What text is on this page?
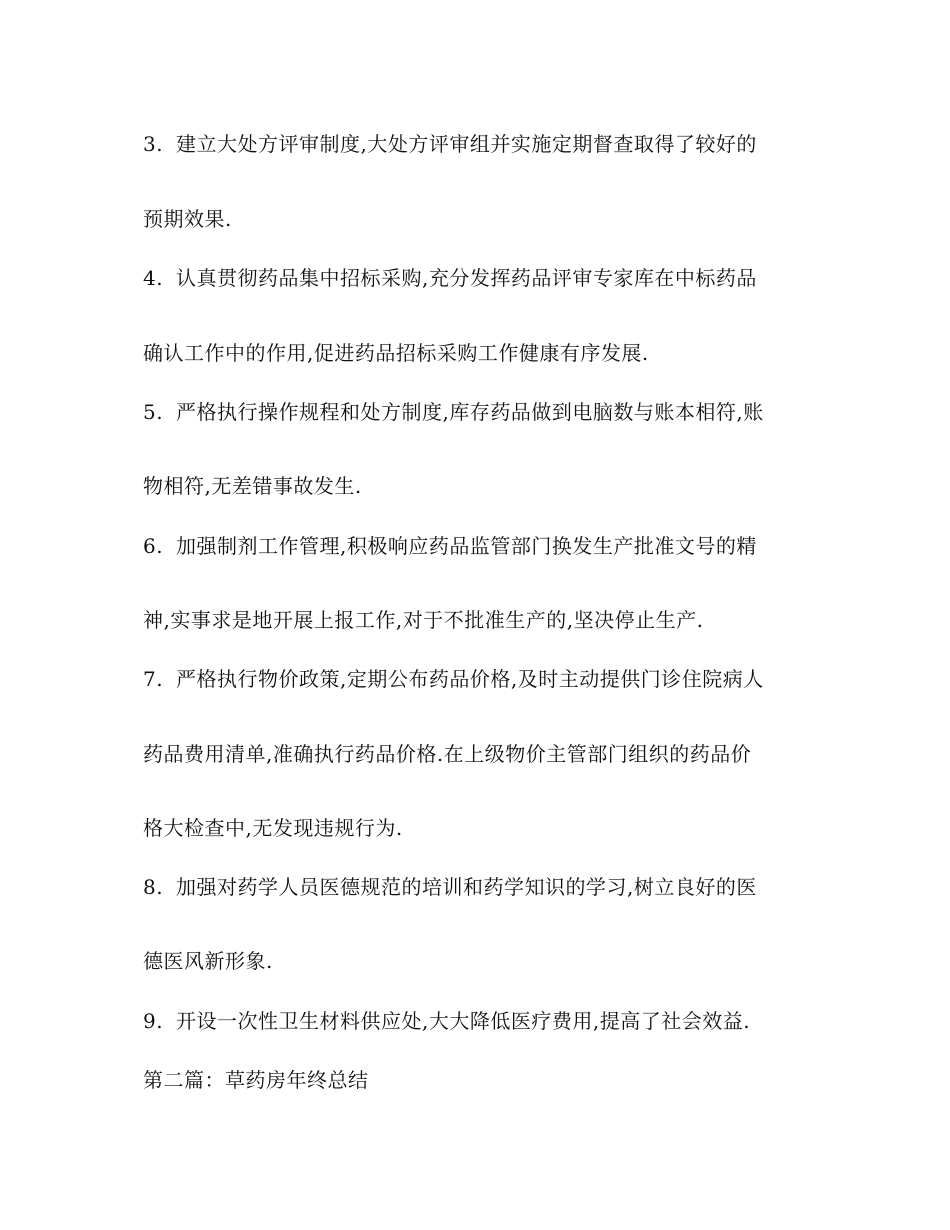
3. 建立大处方评审制度,大处方评审组并实施定期督查取得了较好的
预期效果.
4. 认真贯彻药品集中招标采购,充分发挥药品评审专家库在中标药品
确认工作中的作用,促进药品招标采购工作健康有序发展.
5. 严格执行操作规程和处方制度,库存药品做到电脑数与账本相符,账
物相符,无差错事故发生.
6. 加强制剂工作管理,积极响应药品监管部门换发生产批准文号的精
神,实事求是地开展上报工作,对于不批准生产的,坚决停止生产.
7. 严格执行物价政策,定期公布药品价格,及时主动提供门诊住院病人
药品费用清单,准确执行药品价格.在上级物价主管部门组织的药品价
格大检查中,无发现违规行为.
8. 加强对药学人员医德规范的培训和药学知识的学习,树立良好的医
德医风新形象.
9. 开设一次性卫生材料供应处,大大降低医疗费用,提高了社会效益.
第二篇：草药房年终总结
